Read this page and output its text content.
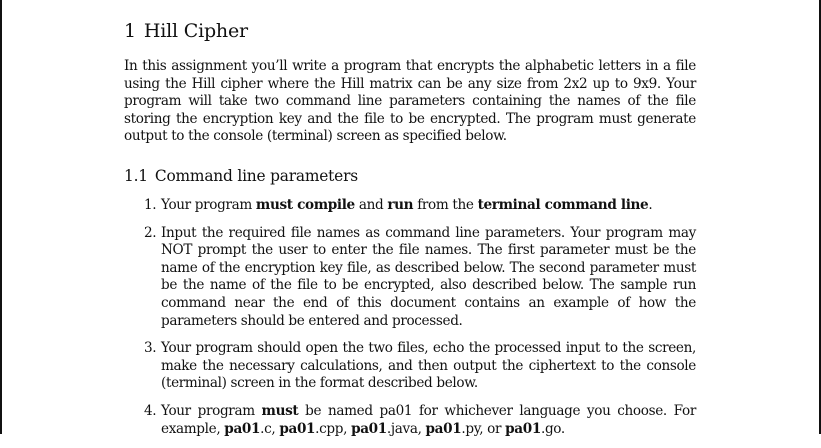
1 Hill Cipher

In this assignment you’ll write a program that encrypts the alphabetic letters in a file using the Hill cipher where the Hill matrix can be any size from 2x2 up to 9x9. Your program will take two command line parameters containing the names of the file storing the encryption key and the file to be encrypted. The program must generate output to the console (terminal) screen as specified below.

1.1 Command line parameters
1. Your program must compile and run from the terminal command line.
2. Input the required file names as command line parameters. Your program may NOT prompt the user to enter the file names. The first parameter must be the name of the encryption key file, as described below. The second parameter must be the name of the file to be encrypted, also described below. The sample run command near the end of this document contains an example of how the parameters should be entered and processed.
3. Your program should open the two files, echo the processed input to the screen, make the necessary calculations, and then output the ciphertext to the console (terminal) screen in the format described below.
4. Your program must be named pa01 for whichever language you choose. For example, pa01.c, pa01.cpp, pa01.java, pa01.py, or pa01.go.
